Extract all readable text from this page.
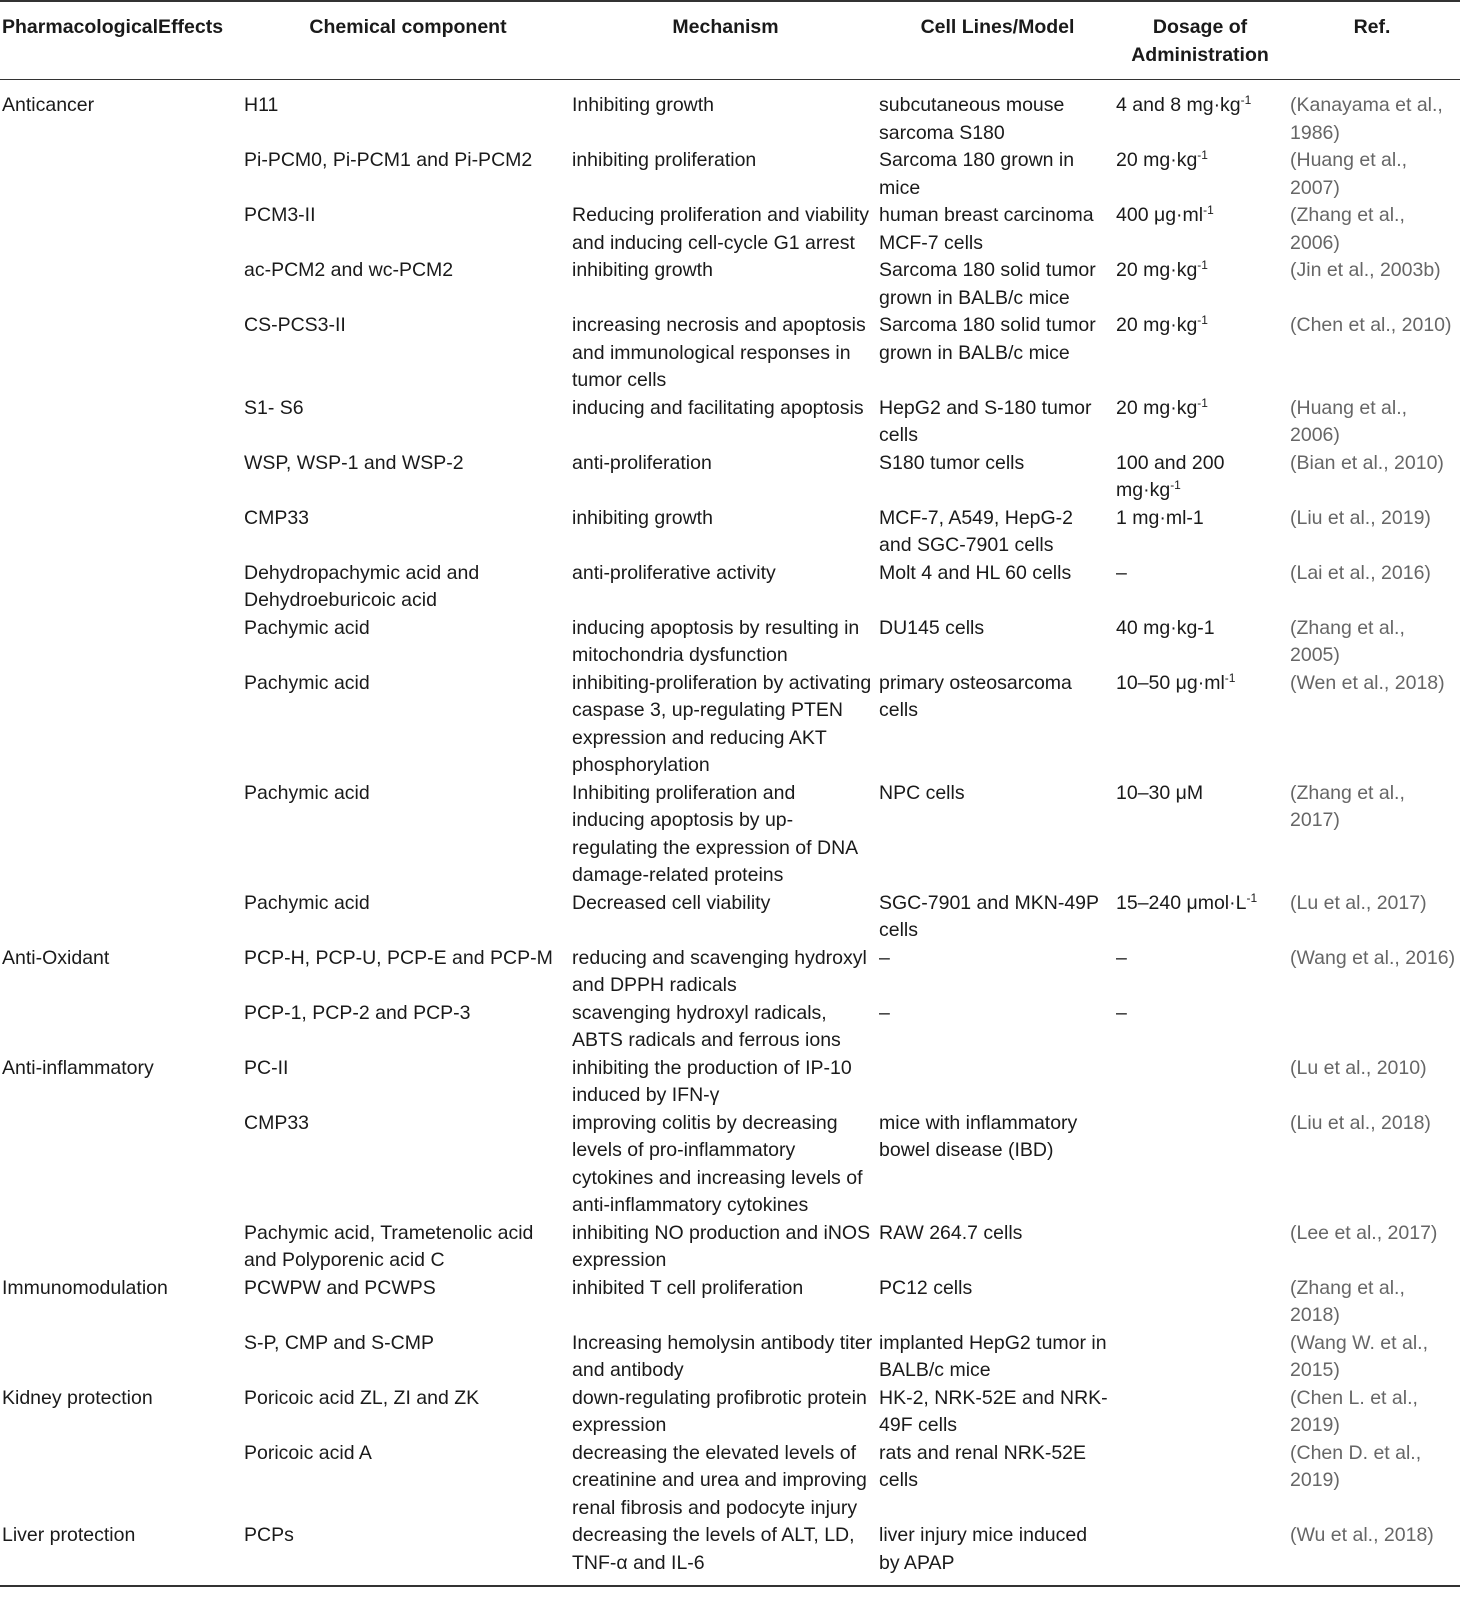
PharmacologicalEffects	Chemical component	Mechanism	Cell Lines/Model	Dosage of Administration	Ref.
Anticancer	H11	Inhibiting growth	subcutaneous mouse sarcoma S180	4 and 8 $mg\cdot kg^{-1}$	(Kanayama et al., 1986)
	Pi-PCM0, Pi-PCM1 and Pi-PCM2	inhibiting proliferation	Sarcoma 180 grown in mice	20 $mg\cdot kg^{-1}$	(Huang et al., 2007)
	PCM3-II	Reducing proliferation and viability and inducing cell-cycle G1 arrest	human breast carcinoma MCF-7 cells	400 $\mu g\cdot ml^{-1}$	(Zhang et al., 2006)
	ac-PCM2 and wc-PCM2	inhibiting growth	Sarcoma 180 solid tumor grown in BALB/c mice	20 $mg\cdot kg^{-1}$	(Jin et al., 2003b)
	CS-PCS3-II	increasing necrosis and apoptosis and immunological responses in tumor cells	Sarcoma 180 solid tumor grown in BALB/c mice	20 $mg\cdot kg^{-1}$	(Chen et al., 2010)
	S1- S6	inducing and facilitating apoptosis	HepG2 and S-180 tumor cells	20 $mg\cdot kg^{-1}$	(Huang et al., 2006)
	WSP, WSP-1 and WSP-2	anti-proliferation	S180 tumor cells	100 and 200 $mg\cdot kg^{-1}$	(Bian et al., 2010)
	CMP33	inhibiting growth	MCF-7, A549, HepG-2 and SGC-7901 cells	1 mg·ml-1	(Liu et al., 2019)
	Dehydropachymic acid and Dehydroeburicoic acid	anti-proliferative activity	Molt 4 and HL 60 cells	–	(Lai et al., 2016)
	Pachymic acid	inducing apoptosis by resulting in mitochondria dysfunction	DU145 cells	40 mg·kg-1	(Zhang et al., 2005)
	Pachymic acid	inhibiting-proliferation by activating caspase 3, up-regulating PTEN expression and reducing AKT phosphorylation	primary osteosarcoma cells	10–50 $\mu g\cdot ml^{-1}$	(Wen et al., 2018)
	Pachymic acid	Inhibiting proliferation and inducing apoptosis by up-regulating the expression of DNA damage-related proteins	NPC cells	10–30 μM	(Zhang et al., 2017)
	Pachymic acid	Decreased cell viability	SGC-7901 and MKN-49P cells	15–240 $\mu mol\cdot L^{-1}$	(Lu et al., 2017)
Anti-Oxidant	PCP-H, PCP-U, PCP-E and PCP-M	reducing and scavenging hydroxyl and DPPH radicals	–	–	(Wang et al., 2016)
	PCP-1, PCP-2 and PCP-3	scavenging hydroxyl radicals, ABTS radicals and ferrous ions	–	–	
Anti-inflammatory	PC-II	inhibiting the production of IP-10 induced by IFN-γ			(Lu et al., 2010)
	CMP33	improving colitis by decreasing levels of pro-inflammatory cytokines and increasing levels of anti-inflammatory cytokines	mice with inflammatory bowel disease (IBD)		(Liu et al., 2018)
	Pachymic acid, Trametenolic acid and Polyporenic acid C	inhibiting NO production and iNOS expression	RAW 264.7 cells		(Lee et al., 2017)
Immunomodulation	PCWPW and PCWPS	inhibited T cell proliferation	PC12 cells		(Zhang et al., 2018)
	S-P, CMP and S-CMP	Increasing hemolysin antibody titer and antibody	implanted HepG2 tumor in BALB/c mice		(Wang W. et al., 2015)
Kidney protection	Poricoic acid ZL, ZI and ZK	down-regulating profibrotic protein expression	HK-2, NRK-52E and NRK-49F cells		(Chen L. et al., 2019)
	Poricoic acid A	decreasing the elevated levels of creatinine and urea and improving renal fibrosis and podocyte injury	rats and renal NRK-52E cells		(Chen D. et al., 2019)
Liver protection	PCPs	decreasing the levels of ALT, LD, TNF-α and IL-6	liver injury mice induced by APAP		(Wu et al., 2018)
